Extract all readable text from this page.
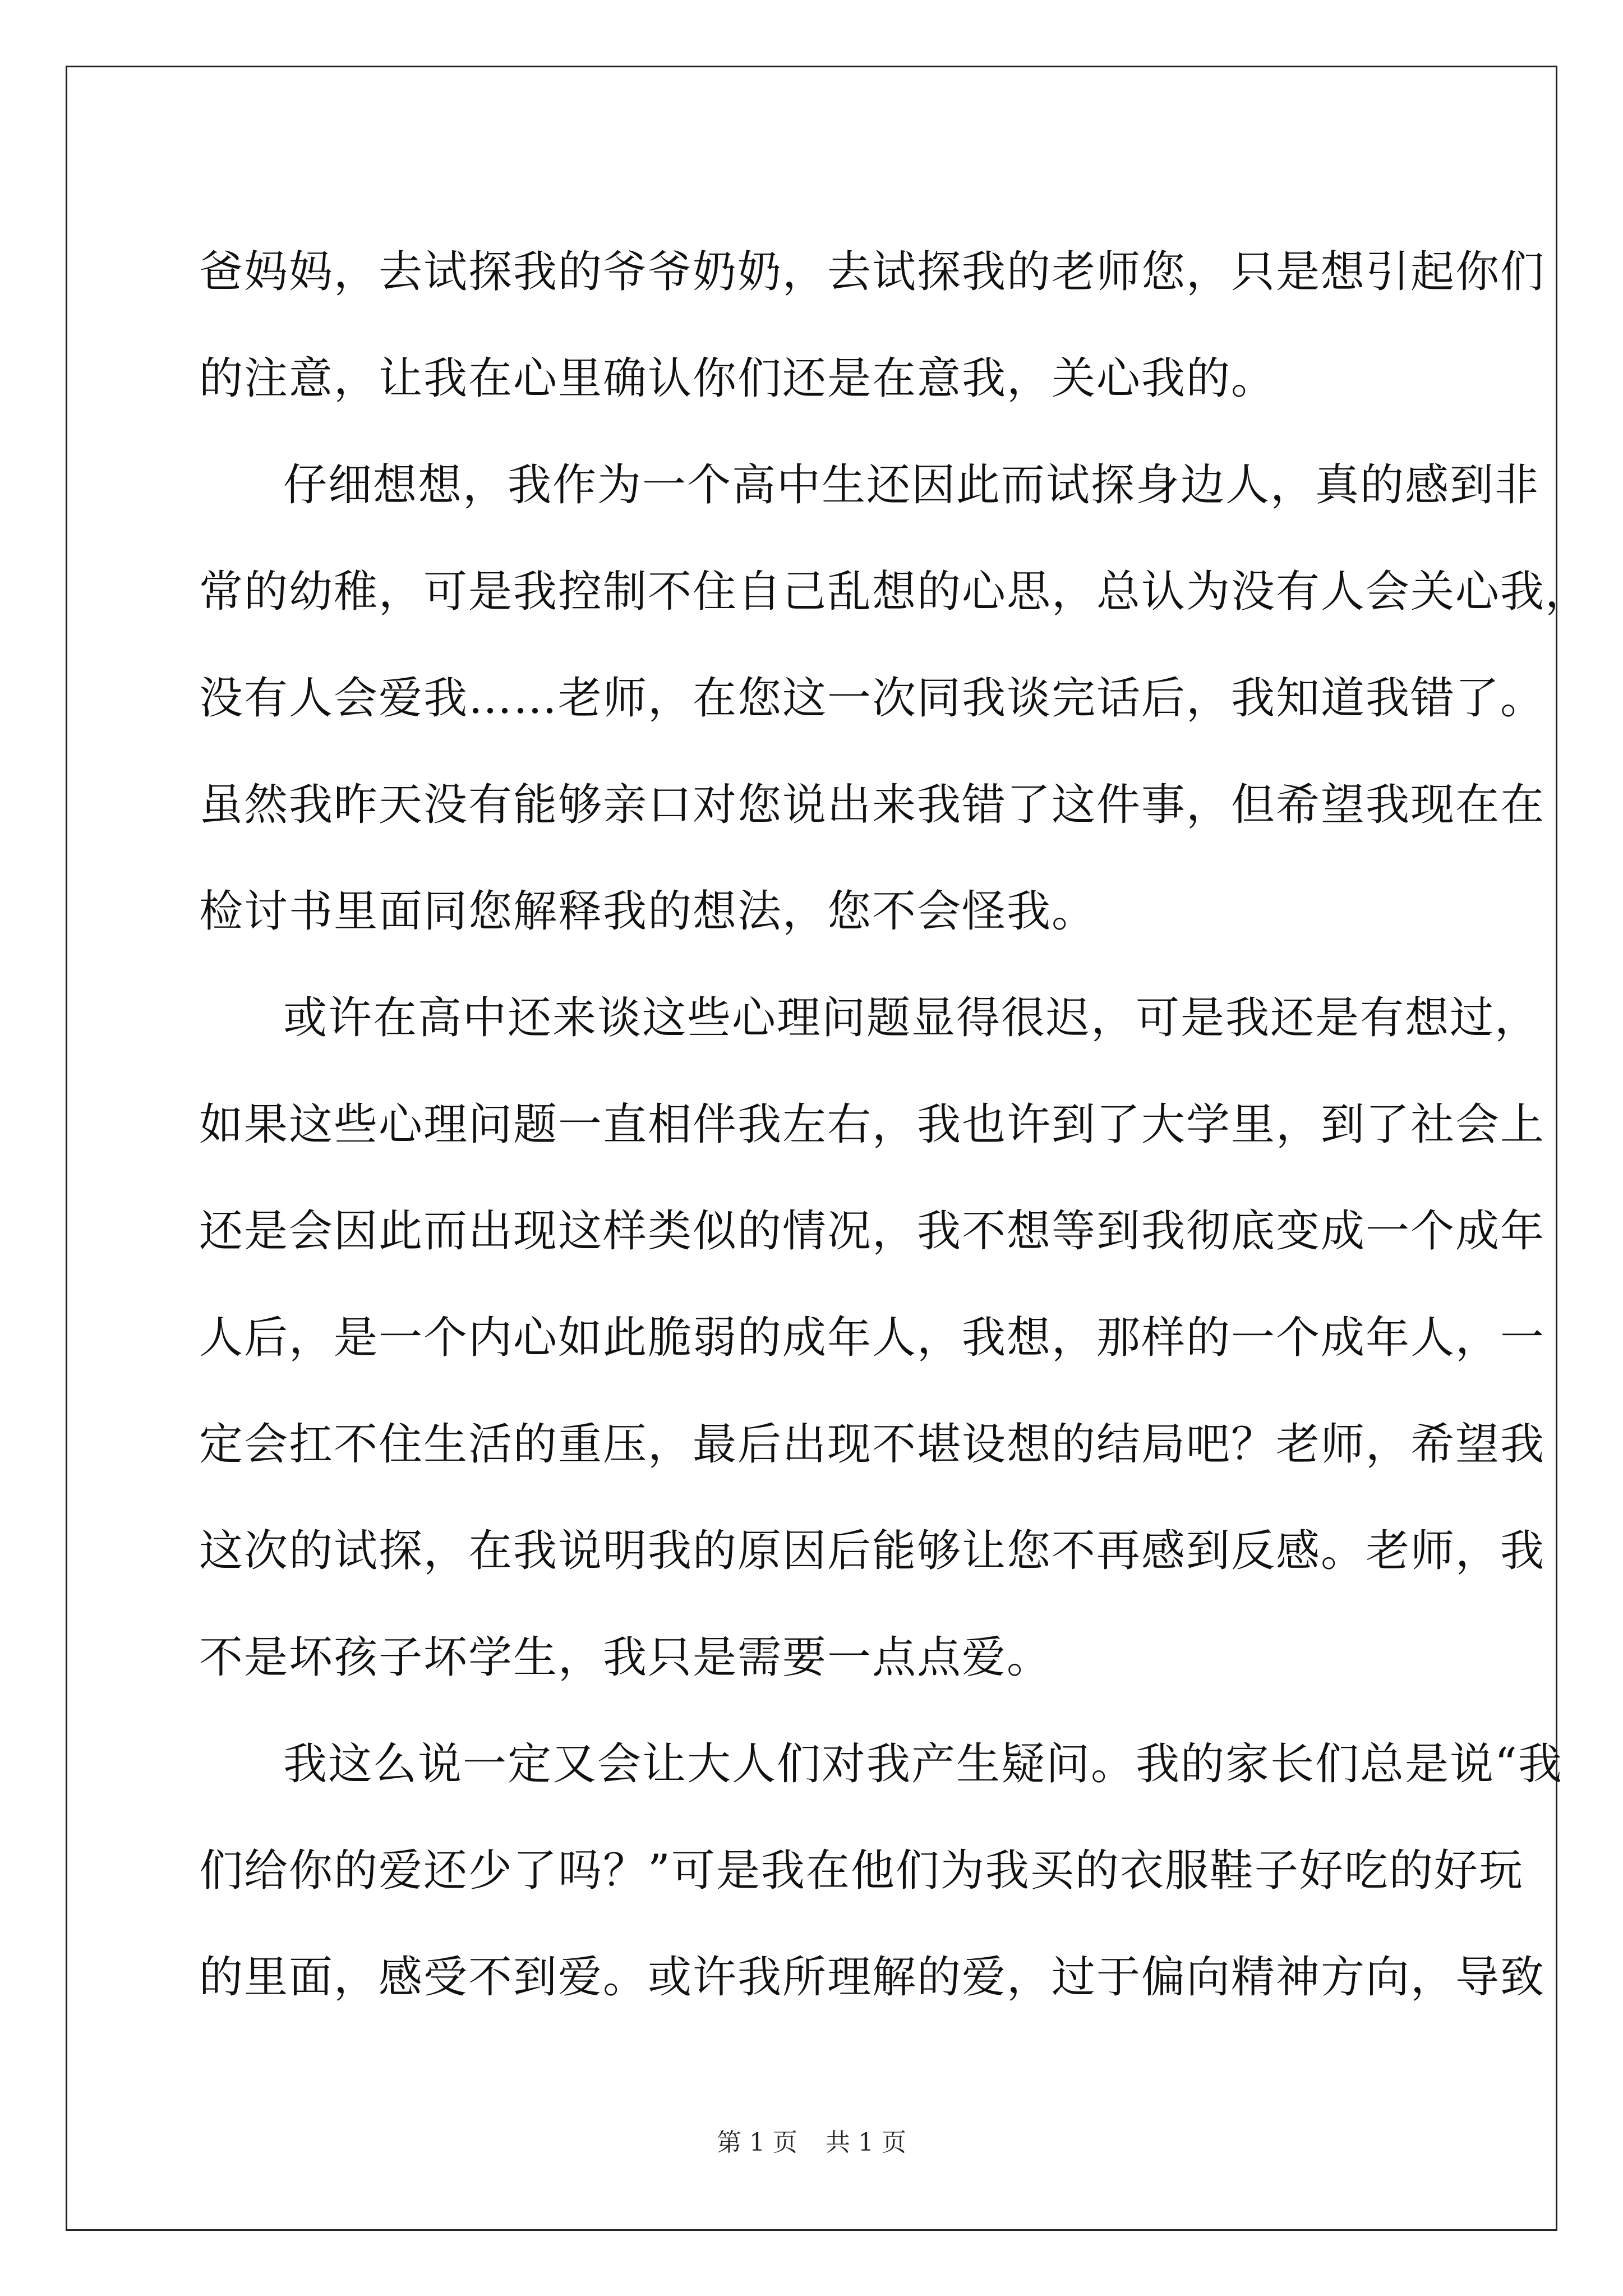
爸妈妈，去试探我的爷爷奶奶，去试探我的老师您，只是想引起你们
的注意，让我在心里确认你们还是在意我，关心我的。
仔细想想，我作为一个高中生还因此而试探身边人，真的感到非
常的幼稚，可是我控制不住自己乱想的心思，总认为没有人会关心我，
没有人会爱我……老师，在您这一次同我谈完话后，我知道我错了。
虽然我昨天没有能够亲口对您说出来我错了这件事，但希望我现在在
检讨书里面同您解释我的想法，您不会怪我。
或许在高中还来谈这些心理问题显得很迟，可是我还是有想过，
如果这些心理问题一直相伴我左右，我也许到了大学里，到了社会上
还是会因此而出现这样类似的情况，我不想等到我彻底变成一个成年
人后，是一个内心如此脆弱的成年人，我想，那样的一个成年人，一
定会扛不住生活的重压，最后出现不堪设想的结局吧？老师，希望我
这次的试探，在我说明我的原因后能够让您不再感到反感。老师，我
不是坏孩子坏学生，我只是需要一点点爱。
我这么说一定又会让大人们对我产生疑问。我的家长们总是说“我
们给你的爱还少了吗？”可是我在他们为我买的衣服鞋子好吃的好玩
的里面，感受不到爱。或许我所理解的爱，过于偏向精神方向，导致
第 1 页 共 1 页
